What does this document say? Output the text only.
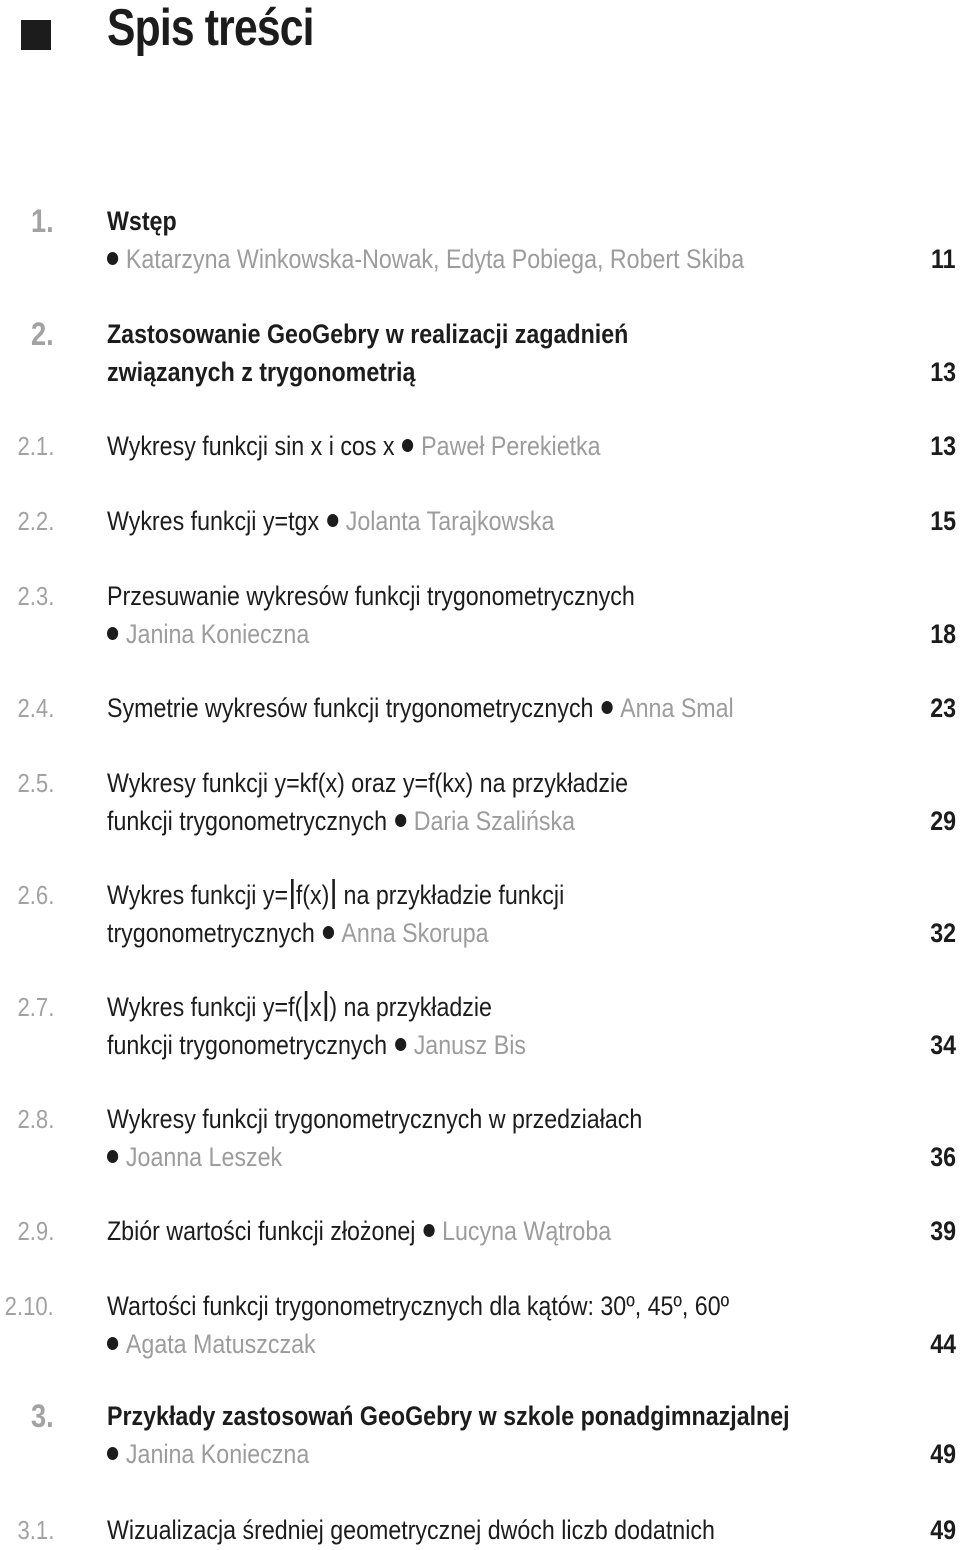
Spis treści
1. Wstęp
Katarzyna Winkowska-Nowak, Edyta Pobiega, Robert Skiba	11
2. Zastosowanie GeoGebry w realizacji zagadnień
związanych z trygonometrią	13
2.1. Wykresy funkcji sin x i cos x Paweł Perekietka	13
2.2. Wykres funkcji y=tgx Jolanta Tarajkowska	15
2.3. Przesuwanie wykresów funkcji trygonometrycznych
Janina Konieczna	18
2.4. Symetrie wykresów funkcji trygonometrycznych Anna Smal	23
2.5. Wykresy funkcji y=kf(x) oraz y=f(kx) na przykładzie
funkcji trygonometrycznych Daria Szalińska	29
2.6. Wykres funkcji y= f(x) na przykładzie funkcji
trygonometrycznych Anna Skorupa	32
2.7. Wykres funkcji y=f( x ) na przykładzie
funkcji trygonometrycznych Janusz Bis	34
2.8. Wykresy funkcji trygonometrycznych w przedziałach
Joanna Leszek	36
2.9. Zbiór wartości funkcji złożonej Lucyna Wątroba	39
2.10. Wartości funkcji trygonometrycznych dla kątów: 30º, 45º, 60º
Agata Matuszczak	44
3. Przykłady zastosowań GeoGebry w szkole ponadgimnazjalnej
Janina Konieczna	49
3.1. Wizualizacja średniej geometrycznej dwóch liczb dodatnich	49
